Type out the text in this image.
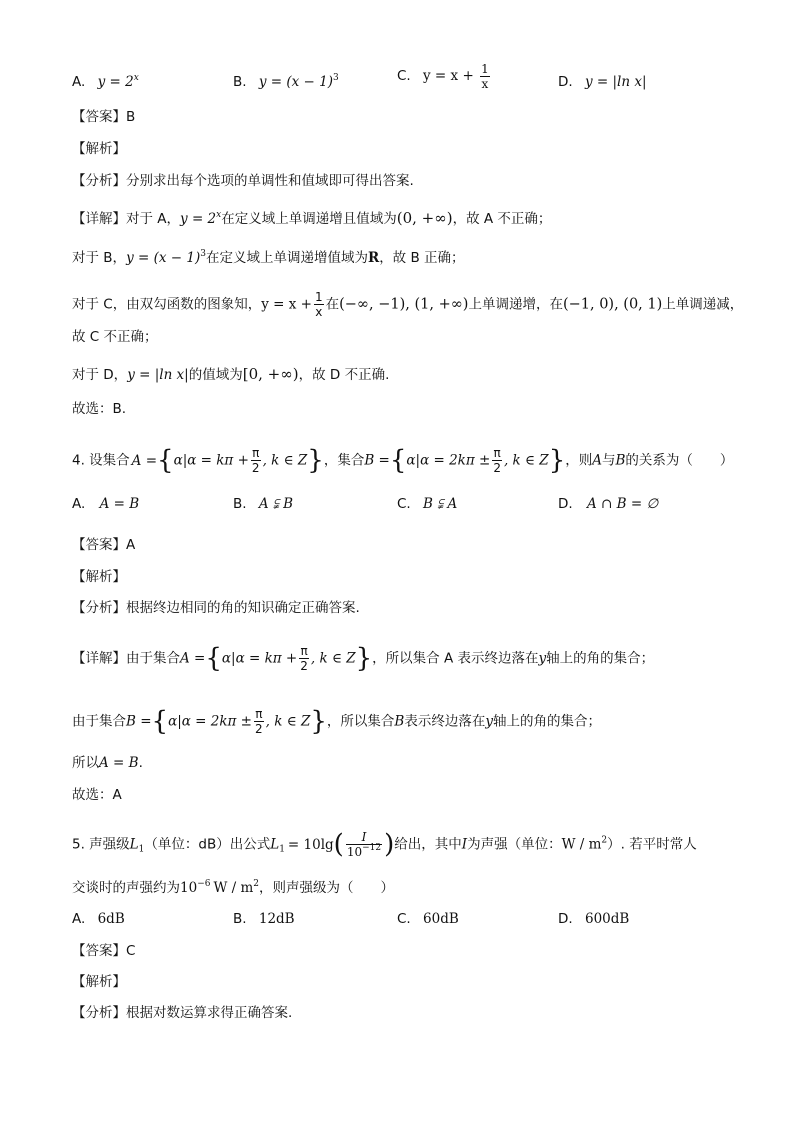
A. $y = 2^x$	B. $y = (x - 1)^3$	C. $y = x + \frac{1}{x}$	D. y = |ln x|
【答案】B
【解析】
【分析】分别求出每个选项的单调性和值域即可得出答案.
【详解】对于 A，$y = 2^x$在定义域上单调递增且值域为(0, +∞)，故 A 不正确；
对于 B，$y = (x - 1)^3$在定义域上单调递增值域为R，故 B 正确；
对于 C，由双勾函数的图象知，$y = x + \frac{1}{x}$ 在(−∞, −1), (1, +∞)上单调递增，在(−1, 0), (0, 1)上单调递减，
故 C 不正确；
对于 D，y = |ln x|的值域为[0, +∞)，故 D 不正确.
故选：B.
4. 设集合 $A =\{\alpha|\alpha = k\pi + \frac{\pi}{2}$ , k ∈ Z}，集合$B =\{\alpha|\alpha = 2k\pi \pm \frac{\pi}{2}$ , k ∈ Z}，则A与B的关系为（　　）
A. A = B	B. A ⫋ B	C. B ⫋ A	D. A ∩ B = ∅
【答案】A
【解析】
【分析】根据终边相同的角的知识确定正确答案.
【详解】由于集合$A =\{\alpha|\alpha = k\pi + \frac{\pi}{2}$ , k ∈ Z}，所以集合 A 表示终边落在y轴上的角的集合；
由于集合$B =\{\alpha|\alpha = 2k\pi \pm \frac{\pi}{2}$ , k ∈ Z}，所以集合B表示终边落在y轴上的角的集合；
所以A = B.
故选：A
5. 声强级$L_1$（单位：dB）出公式$L_1 = 10\lg( \frac{I}{10^{-12}}$ )给出，其中I为声强（单位：W / $m^2$）. 若平时常人
交谈时的声强约为$10^{-6}$ W / $m^2$，则声强级为（　　）
A. 6dB	B. 12dB	C. 60dB	D. 600dB
【答案】C
【解析】
【分析】根据对数运算求得正确答案.
